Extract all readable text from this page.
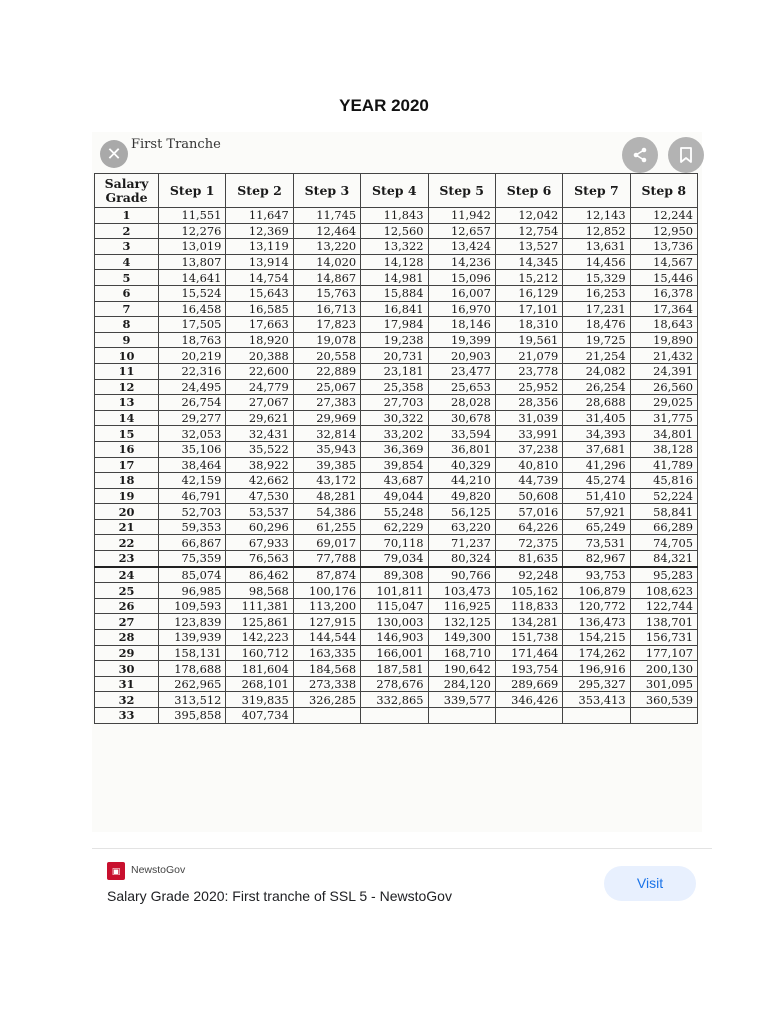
YEAR 2020
✕ First Tranche
Salary Grade	Step 1	Step 2	Step 3	Step 4	Step 5	Step 6	Step 7	Step 8
1	11,551	11,647	11,745	11,843	11,942	12,042	12,143	12,244
2	12,276	12,369	12,464	12,560	12,657	12,754	12,852	12,950
3	13,019	13,119	13,220	13,322	13,424	13,527	13,631	13,736
4	13,807	13,914	14,020	14,128	14,236	14,345	14,456	14,567
5	14,641	14,754	14,867	14,981	15,096	15,212	15,329	15,446
6	15,524	15,643	15,763	15,884	16,007	16,129	16,253	16,378
7	16,458	16,585	16,713	16,841	16,970	17,101	17,231	17,364
8	17,505	17,663	17,823	17,984	18,146	18,310	18,476	18,643
9	18,763	18,920	19,078	19,238	19,399	19,561	19,725	19,890
10	20,219	20,388	20,558	20,731	20,903	21,079	21,254	21,432
11	22,316	22,600	22,889	23,181	23,477	23,778	24,082	24,391
12	24,495	24,779	25,067	25,358	25,653	25,952	26,254	26,560
13	26,754	27,067	27,383	27,703	28,028	28,356	28,688	29,025
14	29,277	29,621	29,969	30,322	30,678	31,039	31,405	31,775
15	32,053	32,431	32,814	33,202	33,594	33,991	34,393	34,801
16	35,106	35,522	35,943	36,369	36,801	37,238	37,681	38,128
17	38,464	38,922	39,385	39,854	40,329	40,810	41,296	41,789
18	42,159	42,662	43,172	43,687	44,210	44,739	45,274	45,816
19	46,791	47,530	48,281	49,044	49,820	50,608	51,410	52,224
20	52,703	53,537	54,386	55,248	56,125	57,016	57,921	58,841
21	59,353	60,296	61,255	62,229	63,220	64,226	65,249	66,289
22	66,867	67,933	69,017	70,118	71,237	72,375	73,531	74,705
23	75,359	76,563	77,788	79,034	80,324	81,635	82,967	84,321
24	85,074	86,462	87,874	89,308	90,766	92,248	93,753	95,283
25	96,985	98,568	100,176	101,811	103,473	105,162	106,879	108,623
26	109,593	111,381	113,200	115,047	116,925	118,833	120,772	122,744
27	123,839	125,861	127,915	130,003	132,125	134,281	136,473	138,701
28	139,939	142,223	144,544	146,903	149,300	151,738	154,215	156,731
29	158,131	160,712	163,335	166,001	168,710	171,464	174,262	177,107
30	178,688	181,604	184,568	187,581	190,642	193,754	196,916	200,130
31	262,965	268,101	273,338	278,676	284,120	289,669	295,327	301,095
32	313,512	319,835	326,285	332,865	339,577	346,426	353,413	360,539
33	395,858	407,734						
▣	NewstoGov
Salary Grade 2020: First tranche of SSL 5 - NewstoGov
Visit
